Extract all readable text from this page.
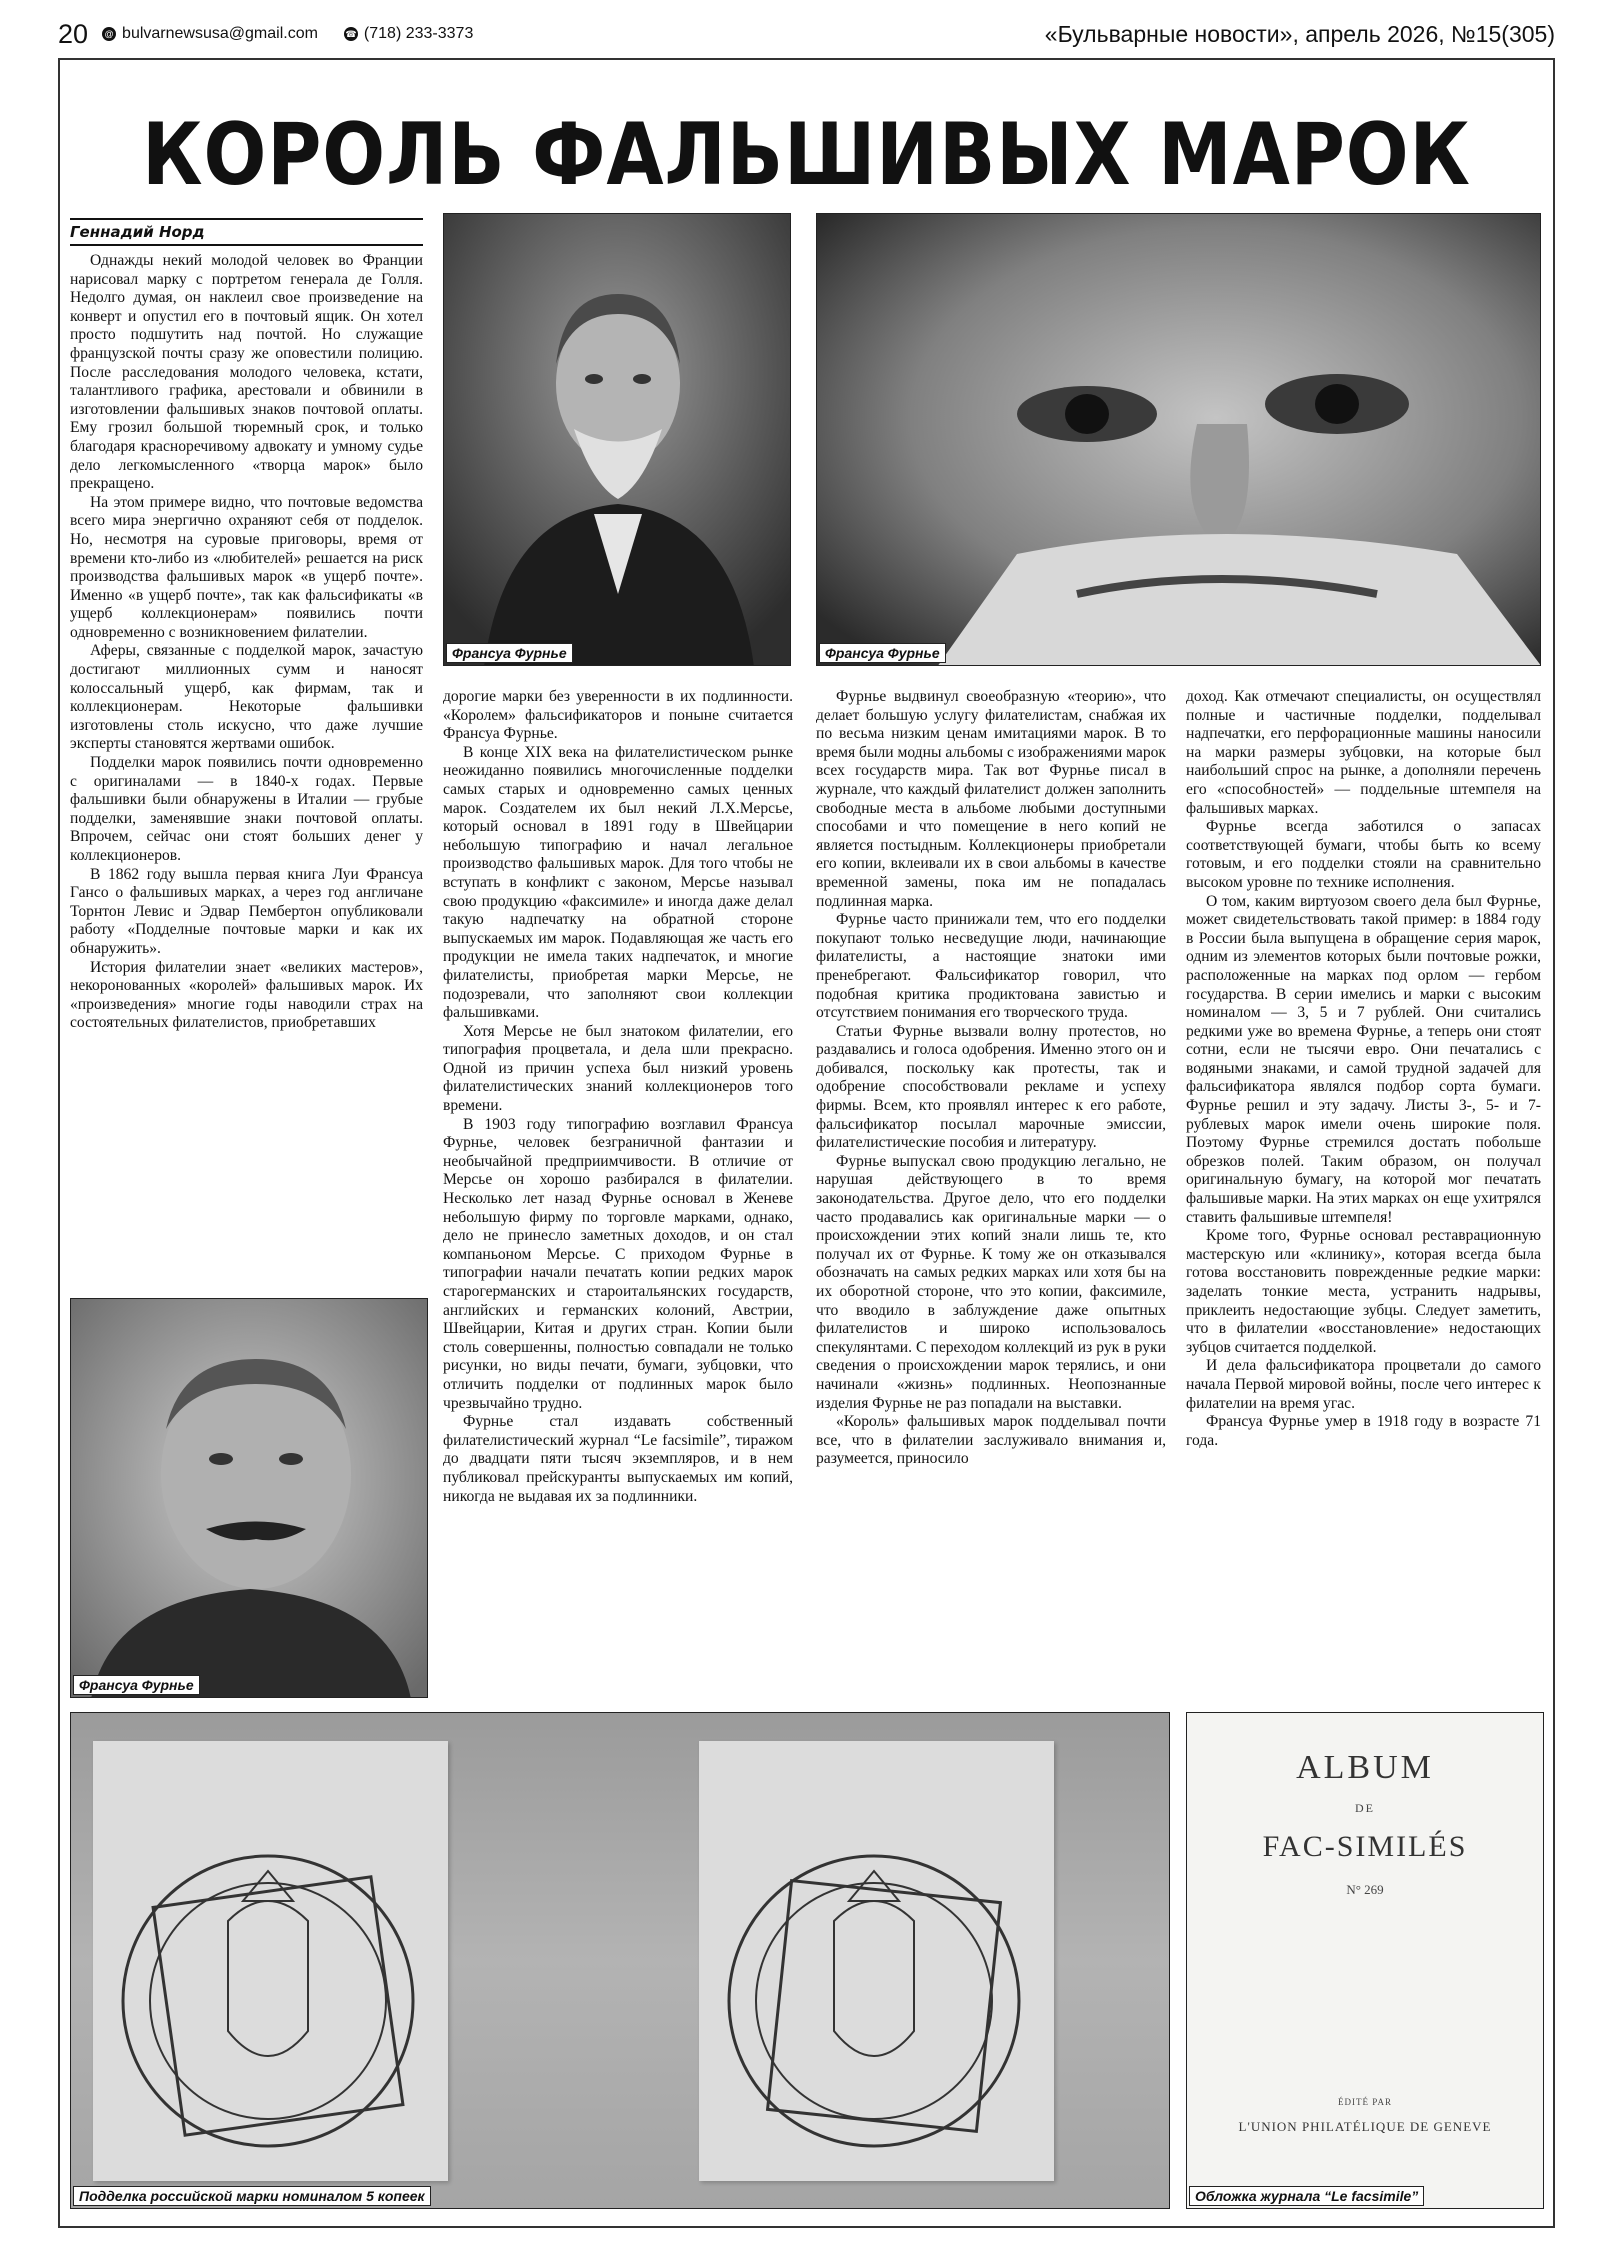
20 @ bulvarnewsusa@gmail.com	☎ (718) 233-3373	«Бульварные новости», апрель 2026, №15(305)
КОРОЛЬ ФАЛЬШИВЫХ МАРОК
Геннадий Норд
Франсуа Фурнье	Франсуа Фурнье

Однажды некий молодой человек во Франции нарисовал марку с портретом генерала де Голля. Недолго думая, он наклеил свое произведение на конверт и опустил его в почтовый ящик. Он хотел просто подшутить над почтой. Но служащие французской почты сразу же оповестили полицию. После расследования молодого человека, кстати, талантливого графика, арестовали и обвинили в изготовлении фальшивых знаков почтовой оплаты. Ему грозил большой тюремный срок, и только благодаря красноречивому адвокату и умному судье дело легкомысленного «творца марок» было прекращено.

На этом примере видно, что почтовые ведомства всего мира энергично охраняют себя от подделок. Но, несмотря на суровые приговоры, время от времени кто-либо из «любителей» решается на риск производства фальшивых марок «в ущерб почте». Именно «в ущерб почте», так как фальсификаты «в ущерб коллекционерам» появились почти одновременно с возникновением филателии.

Аферы, связанные с подделкой марок, зачастую достигают миллионных сумм и наносят колоссальный ущерб, как фирмам, так и коллекционерам. Некоторые фальшивки изготовлены столь искусно, что даже лучшие эксперты становятся жертвами ошибок.

Подделки марок появились почти одновременно с оригиналами — в 1840-х годах. Первые фальшивки были обнаружены в Италии — грубые подделки, заменявшие знаки почтовой оплаты. Впрочем, сейчас они стоят больших денег у коллекционеров.

В 1862 году вышла первая книга Луи Франсуа Гансо о фальшивых марках, а через год англичане Торнтон Левис и Эдвар Пембертон опубликовали работу «Подделные почтовые марки и как их обнаружить».

История филателии знает «великих мастеров», некоронованных «королей» фальшивых марок. Их «произведения» многие годы наводили страх на состоятельных филателистов, приобретавших

Франсуа Фурнье

дорогие марки без уверенности в их подлинности. «Королем» фальсификаторов и поныне считается Франсуа Фурнье.

В конце XIX века на филателистическом рынке неожиданно появились многочисленные подделки самых старых и одновременно самых ценных марок. Создателем их был некий Л.Х.Мерсье, который основал в 1891 году в Швейцарии небольшую типографию и начал легальное производство фальшивых марок. Для того чтобы не вступать в конфликт с законом, Мерсье называл свою продукцию «факсимиле» и иногда даже делал такую надпечатку на обратной стороне выпускаемых им марок. Подавляющая же часть его продукции не имела таких надпечаток, и многие филателисты, приобретая марки Мерсье, не подозревали, что заполняют свои коллекции фальшивками.

Хотя Мерсье не был знатоком филателии, его типография процветала, и дела шли прекрасно. Одной из причин успеха был низкий уровень филателистических знаний коллекционеров того времени.

В 1903 году типографию возглавил Франсуа Фурнье, человек безграничной фантазии и необычайной предприимчивости. В отличие от Мерсье он хорошо разбирался в филателии. Несколько лет назад Фурнье основал в Женеве небольшую фирму по торговле марками, однако, дело не принесло заметных доходов, и он стал компаньоном Мерсье. С приходом Фурнье в типографии начали печатать копии редких марок старогерманских и староитальянских государств, английских и германских колоний, Австрии, Швейцарии, Китая и других стран. Копии были столь совершенны, полностью совпадали не только рисунки, но виды печати, бумаги, зубцовки, что отличить подделки от подлинных марок было чрезвычайно трудно.

Фурнье стал издавать собственный филателистический журнал “Le facsimile”, тиражом до двадцати пяти тысяч экземпляров, и в нем публиковал прейскуранты выпускаемых им копий, никогда не выдавая их за подлинники.

Фурнье выдвинул своеобразную «теорию», что делает большую услугу филателистам, снабжая их по весьма низким ценам имитациями марок. В то время были модны альбомы с изображениями марок всех государств мира. Так вот Фурнье писал в журнале, что каждый филателист должен заполнить свободные места в альбоме любыми доступными способами и что помещение в него копий не является постыдным. Коллекционеры приобретали его копии, вклеивали их в свои альбомы в качестве временной замены, пока им не попадалась подлинная марка.

Фурнье часто принижали тем, что его подделки покупают только несведущие люди, начинающие филателисты, а настоящие знатоки ими пренебрегают. Фальсификатор говорил, что подобная критика продиктована завистью и отсутствием понимания его творческого труда.

Статьи Фурнье вызвали волну протестов, но раздавались и голоса одобрения. Именно этого он и добивался, поскольку как протесты, так и одобрение способствовали рекламе и успеху фирмы. Всем, кто проявлял интерес к его работе, фальсификатор посылал марочные эмиссии, филателистические пособия и литературу.

Фурнье выпускал свою продукцию легально, не нарушая действующего в то время законодательства. Другое дело, что его подделки часто продавались как оригинальные марки — о происхождении этих копий знали лишь те, кто получал их от Фурнье. К тому же он отказывался обозначать на самых редких марках или хотя бы на их оборотной стороне, что это копии, факсимиле, что вводило в заблуждение даже опытных филателистов и широко использовалось спекулянтами. С переходом коллекций из рук в руки сведения о происхождении марок терялись, и они начинали «жизнь» подлинных. Неопознанные изделия Фурнье не раз попадали на выставки.

«Король» фальшивых марок подделывал почти все, что в филателии заслуживало внимания и, разумеется, приносило

доход. Как отмечают специалисты, он осуществлял полные и частичные подделки, подделывал надпечатки, его перфорационные машины наносили на марки размеры зубцовки, на которые был наибольший спрос на рынке, а дополняли перечень его «способностей» — поддельные штемпеля на фальшивых марках.

Фурнье всегда заботился о запасах соответствующей бумаги, чтобы быть ко всему готовым, и его подделки стояли на сравнительно высоком уровне по технике исполнения.

О том, каким виртуозом своего дела был Фурнье, может свидетельствовать такой пример: в 1884 году в России была выпущена в обращение серия марок, одним из элементов которых были почтовые рожки, расположенные на марках под орлом — гербом государства. В серии имелись и марки с высоким номиналом — 3, 5 и 7 рублей. Они считались редкими уже во времена Фурнье, а теперь они стоят сотни, если не тысячи евро. Они печатались с водяными знаками, и самой трудной задачей для фальсификатора являлся подбор сорта бумаги. Фурнье решил и эту задачу. Листы 3-, 5- и 7-рублевых марок имели очень широкие поля. Поэтому Фурнье стремился достать побольше обрезков полей. Таким образом, он получал оригинальную бумагу, на которой мог печатать фальшивые марки. На этих марках он еще ухитрялся ставить фальшивые штемпеля!

Кроме того, Фурнье основал реставрационную мастерскую или «клинику», которая всегда была готова восстановить поврежденные редкие марки: заделать тонкие места, устранить надрывы, приклеить недостающие зубцы. Следует заметить, что в филателии «восстановление» недостающих зубцов считается подделкой.

И дела фальсификатора процветали до самого начала Первой мировой войны, после чего интерес к филателии на время угас.

Франсуа Фурнье умер в 1918 году в возрасте 71 года.

Подделка российской марки номиналом 5 копеек
ALBUM
DE
FAC-SIMILÉS
N° 269
ÉDITÉ PAR
L'UNION PHILATÉLIQUE DE GENEVE
Обложка журнала “Le facsimile”
